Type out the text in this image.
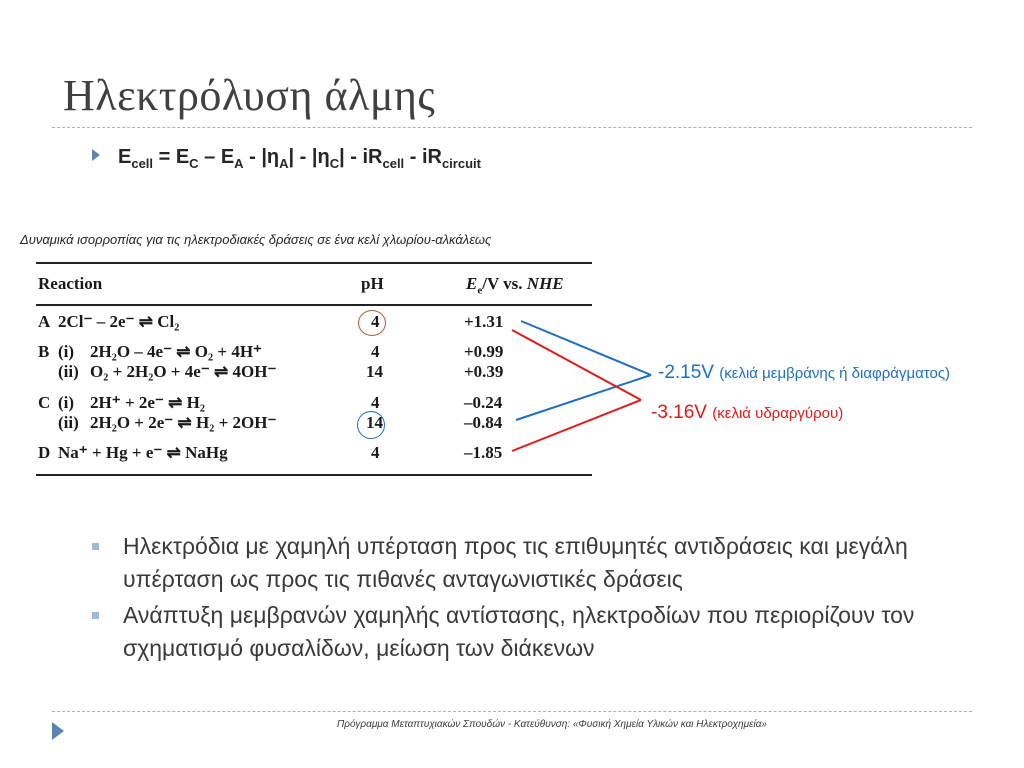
Ηλεκτρόλυση άλμης
$E_{cell} = E_C - E_A - |\eta_A| - |\eta_C| - iR_{cell} - iR_{circuit}$
Δυναμικά ισορροπίας για τις ηλεκτροδιακές δράσεις σε ένα κελί χλωρίου-αλκάλεως
Reaction	pH	$E_e/V$ vs. NHE
A 2Cl⁻ – 2e⁻ ⇌ Cl₂	4	+1.31
B (i) 2H₂O – 4e⁻ ⇌ O₂ + 4H⁺	4	+0.99
(ii) O₂ + 2H₂O + 4e⁻ ⇌ 4OH⁻	14	+0.39
C (i) 2H⁺ + 2e⁻ ⇌ H₂	4	–0.24
(ii) 2H₂O + 2e⁻ ⇌ H₂ + 2OH⁻	14	–0.84
D Na⁺ + Hg + e⁻ ⇌ NaHg	4	–1.85
-2.15V (κελιά μεμβράνης ή διαφράγματος)
-3.16V (κελιά υδραργύρου)
Ηλεκτρόδια με χαμηλή υπέρταση προς τις επιθυμητές αντιδράσεις και μεγάλη υπέρταση ως προς τις πιθανές ανταγωνιστικές δράσεις
Ανάπτυξη μεμβρανών χαμηλής αντίστασης, ηλεκτροδίων που περιορίζουν τον σχηματισμό φυσαλίδων, μείωση των διάκενων
Πρόγραμμα Μεταπτυχιακών Σπουδών - Κατεύθυνση: «Φυσική Χημεία Υλικών και Ηλεκτροχημεία»
